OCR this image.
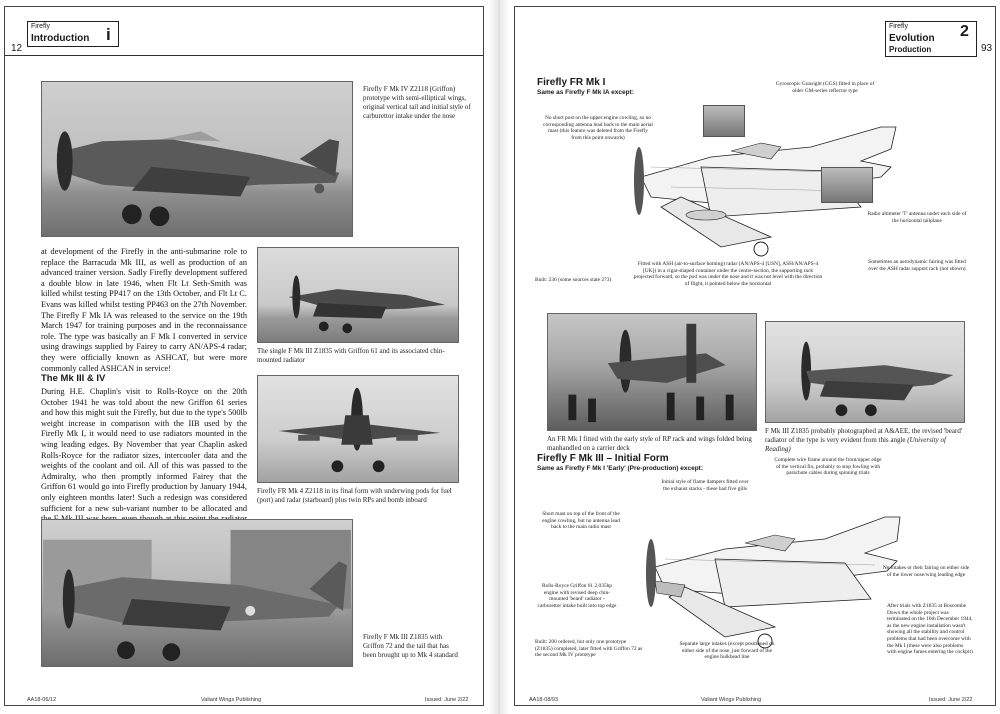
Firefly
Introduction i
12
Firefly F Mk IV Z2118 (Griffon) prototype with semi-elliptical wings, original vertical tail and initial style of carburettor intake under the nose
at development of the Firefly in the anti-submarine role to replace the Barracuda Mk III, as well as production of an advanced trainer version. Sadly Firefly development suffered a double blow in late 1946, when Flt Lt Seth-Smith was killed whilst testing PP417 on the 13th October, and Flt Lt C. Evans was killed whilst testing PP463 on the 27th November. The Firefly F Mk IA was released to the service on the 19th March 1947 for training purposes and in the reconnaissance role. The type was basically an F Mk I converted in service using drawings supplied by Fairey to carry AN/APS-4 radar; they were officially known as ASHCAT, but were more commonly called ASHCAN in service!
The single F Mk III Z1835 with Griffon 61 and its associated chin-mounted radiator
The Mk III & IV
During H.E. Chaplin's visit to Rolls-Royce on the 20th October 1941 he was told about the new Griffon 61 series and how this might suit the Firefly, but due to the type's 500lb weight increase in comparison with the IIB used by the Firefly Mk I, it would need to use radiators mounted in the wing leading edges. By November that year Chaplin asked Rolls-Royce for the radiator sizes, intercooler data and the weights of the coolant and oil. All of this was passed to the Admiralty, who then promptly informed Fairey that the Griffon 61 would go into Firefly production by January 1944, only eighteen months later! Such a redesign was considered sufficient for a new sub-variant number to be allocated and
Firefly FR Mk 4 Z2118 in its final form with underwing pods for fuel (port) and radar (starboard) plus twin RPs and bomb inboard
Firefly F Mk III Z1835 with Griffon 72 and the tail that has been brought up to Mk 4 standard
AA18-06/12	Valiant Wings Publishing	Issued: June 2/22
Firefly
Evolution
Production
2
93
Firefly FR Mk I
Same as Firefly F Mk IA except:
Gyroscopic Gunsight (GGS) fitted in place of older GM-series reflector type
No short post on the upper engine cowling, so no corresponding antenna lead back to the main aerial mast (this feature was deleted from the Firefly from this point onwards)
Radio altimeter 'T' antenna under each side of the horizontal tailplane
Fitted with ASH (air-to-surface homing) radar (AN/APS-4 [USN], ASH/AN/APS-4 [UK]) in a cigar-shaped container under the centre-section, the supporting rack projected forward, so the pod was under the nose and it was not level with the direction of flight, it pointed below the horizontal
Built: 236 (some sources state 273)
Sometimes an aerodynamic fairing was fitted over the ASH radar support rack (not shown)
An FR Mk I fitted with the early style of RP rack and wings folded being manhandled on a carrier deck
F Mk III Z1835 probably photographed at A&AEE, the revised 'beard' radiator of the type is very evident from this angle (University of Reading)
Firefly F Mk III – Initial Form
Same as Firefly F Mk I 'Early' (Pre-production) except:
Complete wire frame around the front/upper edge of the vertical fin, probably to stop fowling with parachute cables during spinning trials
Initial style of flame dampers fitted over the exhaust stacks - these had five gills
Short mast on top of the front of the engine cowling, but no antenna lead back to the main radio mast
No intakes or their fairing on either side of the lower nose/wing leading edge
Rolls-Royce Griffon 61 2,035hp engine with revised deep chin-mounted 'beard' radiator - carburettor intake built into top edge
Built: 200 ordered, but only one prototype (Z1835) completed, later fitted with Griffon 72 as the second Mk IV prototype
Separate large intakes (except positioned on either side of the nose, just forward of the engine bulkhead line
After trials with Z1835 at Boscombe Down the whole project was terminated on the 16th December 1944, as the new engine installation wasn't showing all the stability and control problems that had been overcome with the Mk I (these were also problems with engine fumes entering the cockpit)
AA18-08/93	Valiant Wings Publishing	Issued: June 2/22
